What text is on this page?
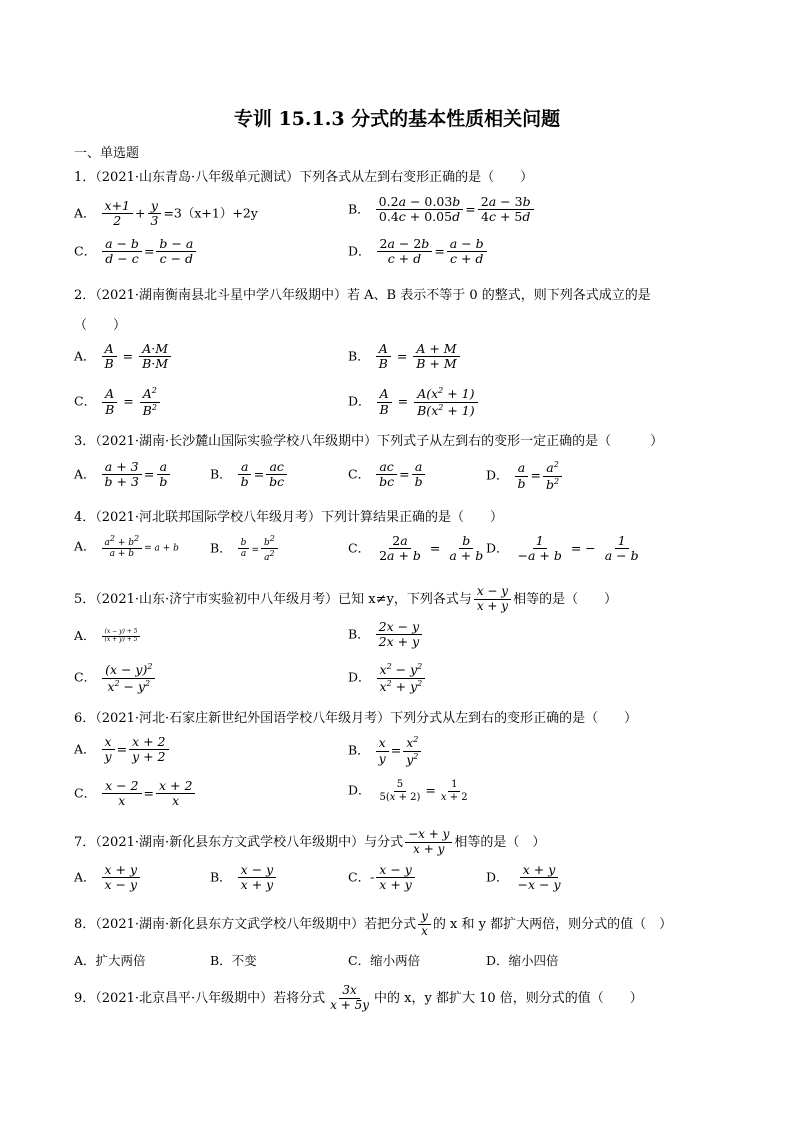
专训 15.1.3 分式的基本性质相关问题
一、单选题
1．（2021·山东青岛·八年级单元测试）下列各式从左到右变形正确的是（　　）
A． $\frac{x+1}{2} + \frac{y}{3} =3(x+1)+2y$	B． $\frac{0.2a - 0.03b}{0.4c + 0.05d} = \frac{2a - 3b}{4c + 5d}$
C． $\frac{a - b}{d - c} = \frac{b - a}{c - d}$	D． $\frac{2a - 2b}{c + d} = \frac{a - b}{c + d}$
2．（2021·湖南衡南县北斗星中学八年级期中）若 A、B 表示不等于 0 的整式，则下列各式成立的是
（　　）
A． $\frac{A}{B} = \frac{A\cdot M}{B\cdot M}$	B． $\frac{A}{B} = \frac{A + M}{B + M}$
C． $\frac{A}{B} = \frac{A^2}{B^2}$	D． $\frac{A}{B} = \frac{A(x^2 + 1)}{B(x^2 + 1)}$
3．（2021·湖南·长沙麓山国际实验学校八年级期中）下列式子从左到右的变形一定正确的是（　　　）
A． $\frac{a + 3}{b + 3} = \frac{a}{b}$	B． $\frac{a}{b} = \frac{ac}{bc}$	C． $\frac{ac}{bc} = \frac{a}{b}$	D． $\frac{a}{b} = \frac{a^2}{b^2}$
4．（2021·河北联邦国际学校八年级月考）下列计算结果正确的是（　　）
A． $\frac{a^2 + b^2}{a + b} = a + b$ B． $\frac{b}{a} = \frac{b^2}{a^2}$	C． $\frac{2a}{2a + b} = \frac{b}{a + b}$ D． $\frac{1}{-a + b}$ = − $\frac{1}{a - b}$
5．（2021·山东·济宁市实验初中八年级月考）已知 x≠y，下列各式与 $\frac{x - y}{x + y}$ 相等的是（　　）
A． $\frac{(x - y) + 5}{(x + y) + 5}$	B． $\frac{2x - y}{2x + y}$
C． $\frac{(x - y)^2}{x^2 - y^2}$	D． $\frac{x^2 - y^2}{x^2 + y^2}$
6．（2021·河北·石家庄新世纪外国语学校八年级月考）下列分式从左到右的变形正确的是（　　）
A． $\frac{x}{y} = \frac{x + 2}{y + 2}$	B． $\frac{x}{y} = \frac{x^2}{y^2}$
C． $\frac{x - 2}{x} = \frac{x + 2}{x}$	D． $\frac{5}{5(x + 2)} = \frac{1}{x + 2}$
7．（2021·湖南·新化县东方文武学校八年级期中）与分式 $\frac{-x + y}{x + y}$ 相等的是（　）
A． $\frac{x + y}{x - y}$	B． $\frac{x - y}{x + y}$	C．- $\frac{x - y}{x + y}$	D． $\frac{x + y}{-x - y}$
8．（2021·湖南·新化县东方文武学校八年级期中）若把分式 $\frac{y}{x}$ 的 x 和 y 都扩大两倍，则分式的值（　）
A．扩大两倍	B．不变	C．缩小两倍	D．缩小四倍
9．（2021·北京昌平·八年级期中）若将分式 $\frac{3x}{x + 5y}$ 中的 x，y 都扩大 10 倍，则分式的值（　　）
